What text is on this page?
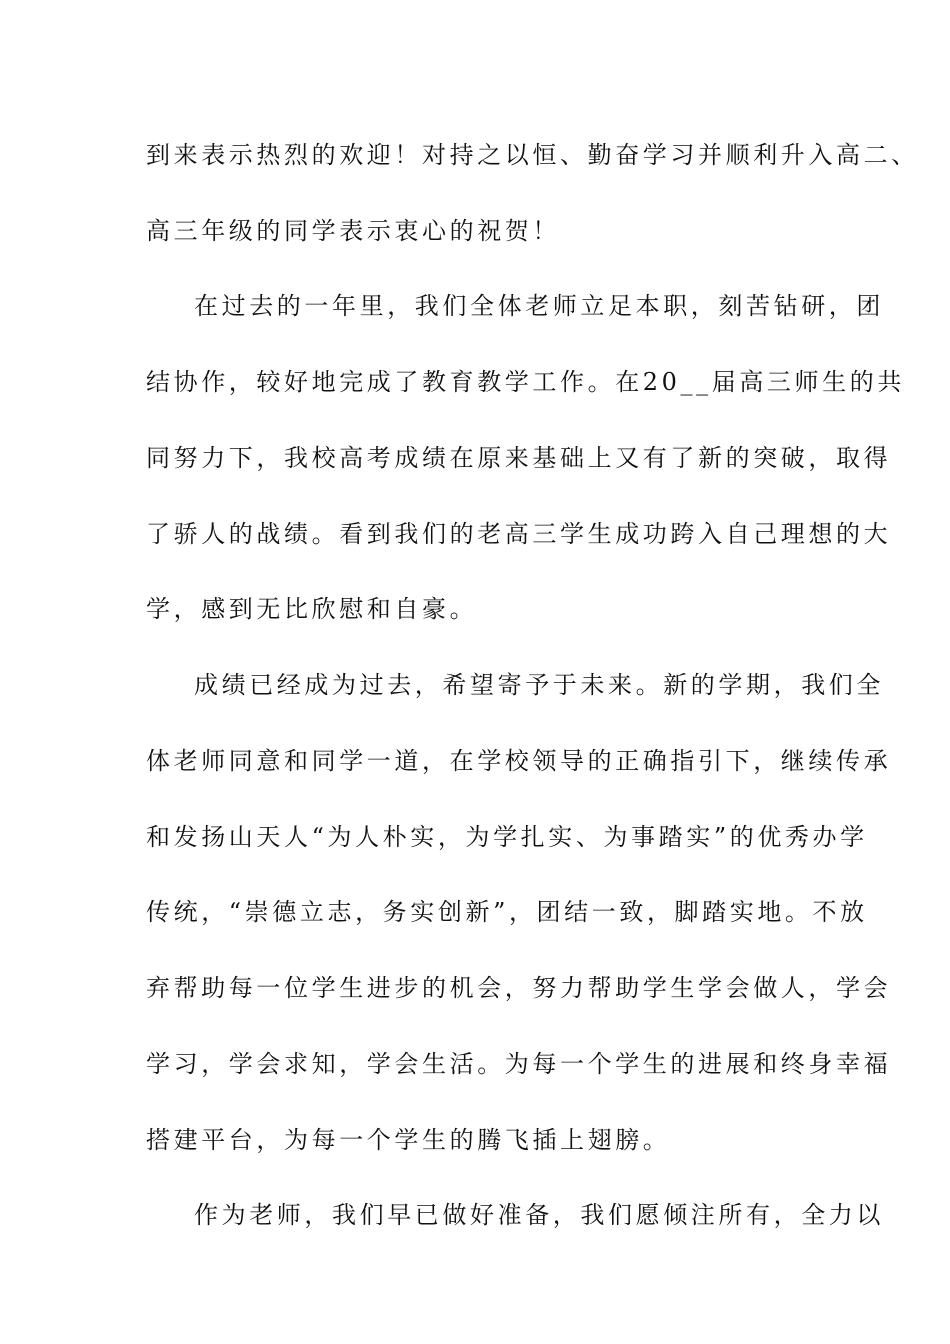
到来表示热烈的欢迎！对持之以恒、勤奋学习并顺利升入高二、
高三年级的同学表示衷心的祝贺！
在过去的一年里，我们全体老师立足本职，刻苦钻研，团
结协作，较好地完成了教育教学工作。在20__届高三师生的共
同努力下，我校高考成绩在原来基础上又有了新的突破，取得
了骄人的战绩。看到我们的老高三学生成功跨入自己理想的大
学，感到无比欣慰和自豪。
成绩已经成为过去，希望寄予于未来。新的学期，我们全
体老师同意和同学一道，在学校领导的正确指引下，继续传承
和发扬山天人“为人朴实，为学扎实、为事踏实”的优秀办学
传统，“崇德立志，务实创新”，团结一致，脚踏实地。不放
弃帮助每一位学生进步的机会，努力帮助学生学会做人，学会
学习，学会求知，学会生活。为每一个学生的进展和终身幸福
搭建平台，为每一个学生的腾飞插上翅膀。
作为老师，我们早已做好准备，我们愿倾注所有，全力以
